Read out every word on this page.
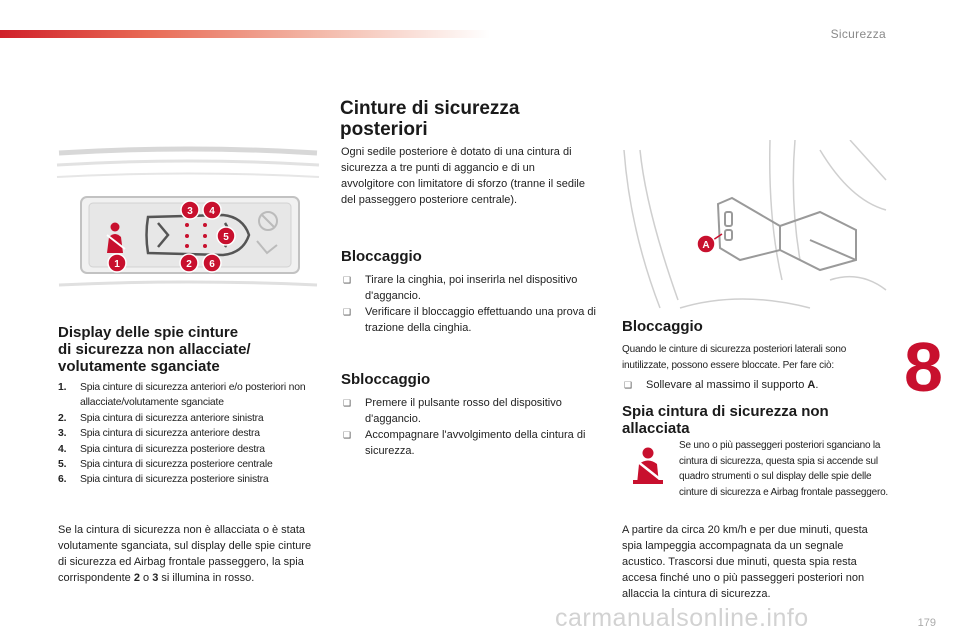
Sicurezza
8
1	2
3 4
5
6
Display delle spie cinture
di sicurezza non allacciate/
volutamente sganciate
1. Spia cinture di sicurezza anteriori e/o posteriori non allacciate/volutamente sganciate
2. Spia cintura di sicurezza anteriore sinistra
3. Spia cintura di sicurezza anteriore destra
4. Spia cintura di sicurezza posteriore destra
5. Spia cintura di sicurezza posteriore centrale
6. Spia cintura di sicurezza posteriore sinistra
Se la cintura di sicurezza non è allacciata o è stata volutamente sganciata, sul display delle spie cinture di sicurezza ed Airbag frontale passeggero, la spia corrispondente 2 o 3 si illumina in rosso.
Cinture di sicurezza
posteriori
Ogni sedile posteriore è dotato di una cintura di sicurezza a tre punti di aggancio e di un avvolgitore con limitatore di sforzo (tranne il sedile del passeggero posteriore centrale).
Bloccaggio
❑ Tirare la cinghia, poi inserirla nel dispositivo d'aggancio.
❑ Verificare il bloccaggio effettuando una prova di trazione della cinghia.
Sbloccaggio
❑ Premere il pulsante rosso del dispositivo d'aggancio.
❑ Accompagnare l'avvolgimento della cintura di sicurezza.
A
Bloccaggio
Quando le cinture di sicurezza posteriori laterali sono inutilizzate, possono essere bloccate. Per fare ciò:
❑ Sollevare al massimo il supporto A.
Spia cintura di sicurezza non
allacciata
Se uno o più passeggeri posteriori sganciano la cintura di sicurezza, questa spia si accende sul quadro strumenti o sul display delle spie delle cinture di sicurezza e Airbag frontale passeggero.
A partire da circa 20 km/h e per due minuti, questa spia lampeggia accompagnata da un segnale acustico. Trascorsi due minuti, questa spia resta accesa finché uno o più passeggeri posteriori non allaccia la cintura di sicurezza.
carmanualsonline.info	179
